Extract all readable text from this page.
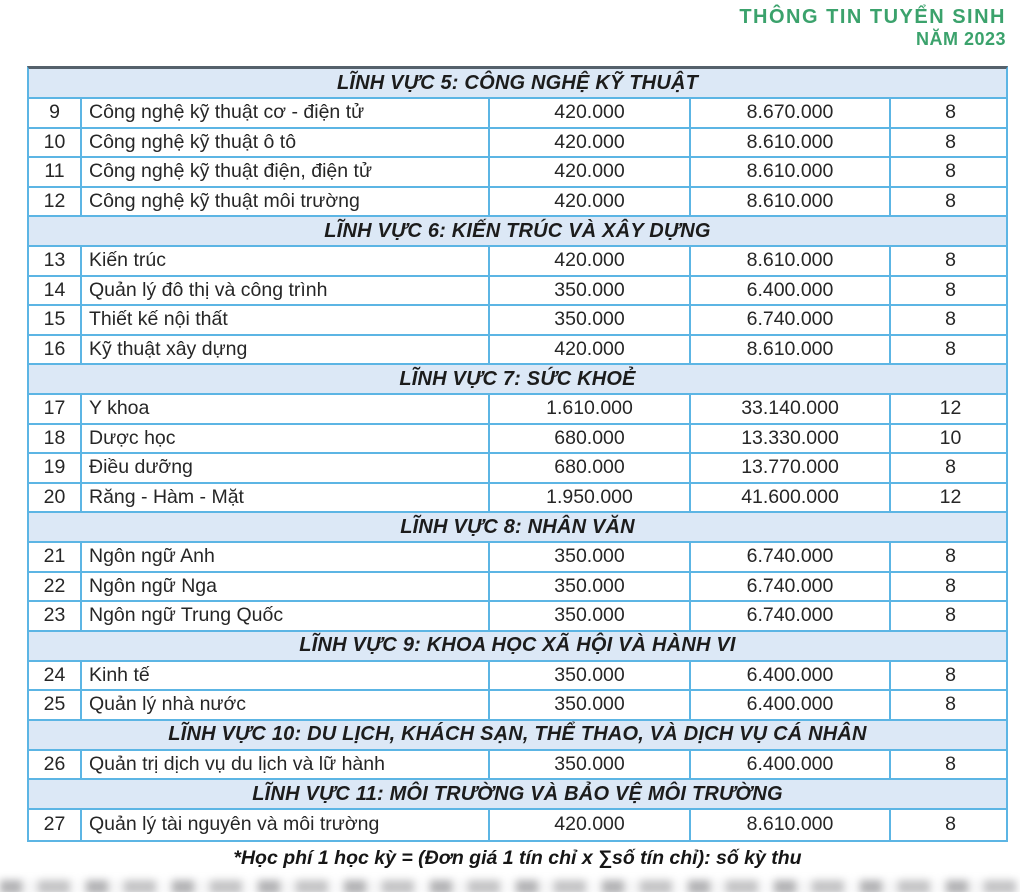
THÔNG TIN TUYỂN SINH
NĂM 2023
LĨNH VỰC 5: CÔNG NGHỆ KỸ THUẬT
9	Công nghệ kỹ thuật cơ - điện tử	420.000	8.670.000	8
10	Công nghệ kỹ thuật ô tô	420.000	8.610.000	8
11	Công nghệ kỹ thuật điện, điện tử	420.000	8.610.000	8
12	Công nghệ kỹ thuật môi trường	420.000	8.610.000	8
LĨNH VỰC 6: KIẾN TRÚC VÀ XÂY DỰNG
13	Kiến trúc	420.000	8.610.000	8
14	Quản lý đô thị và công trình	350.000	6.400.000	8
15	Thiết kế nội thất	350.000	6.740.000	8
16	Kỹ thuật xây dựng	420.000	8.610.000	8
LĨNH VỰC 7: SỨC KHOẺ
17	Y khoa	1.610.000	33.140.000	12
18	Dược học	680.000	13.330.000	10
19	Điều dưỡng	680.000	13.770.000	8
20	Răng - Hàm - Mặt	1.950.000	41.600.000	12
LĨNH VỰC 8: NHÂN VĂN
21	Ngôn ngữ Anh	350.000	6.740.000	8
22	Ngôn ngữ Nga	350.000	6.740.000	8
23	Ngôn ngữ Trung Quốc	350.000	6.740.000	8
LĨNH VỰC 9: KHOA HỌC XÃ HỘI VÀ HÀNH VI
24	Kinh tế	350.000	6.400.000	8
25	Quản lý nhà nước	350.000	6.400.000	8
LĨNH VỰC 10: DU LỊCH, KHÁCH SẠN, THỂ THAO, VÀ DỊCH VỤ CÁ NHÂN
26	Quản trị dịch vụ du lịch và lữ hành	350.000	6.400.000	8
LĨNH VỰC 11: MÔI TRƯỜNG VÀ BẢO VỆ MÔI TRƯỜNG
27	Quản lý tài nguyên và môi trường	420.000	8.610.000	8
*Học phí 1 học kỳ = (Đơn giá 1 tín chỉ x ∑số tín chỉ): số kỳ thu
